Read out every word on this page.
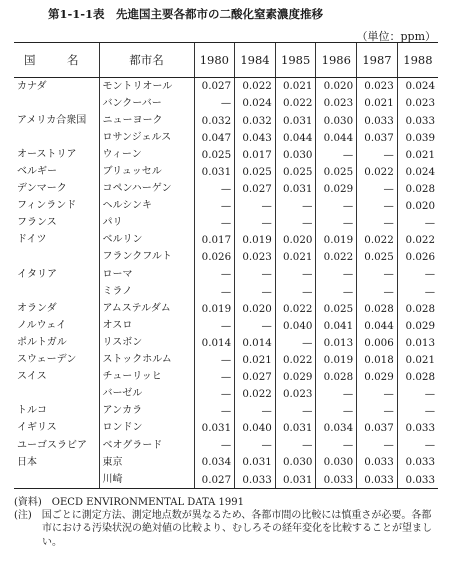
第1-1-1表　先進国主要各都市の二酸化窒素濃度推移
（単位：ppm）
国　名	都市名	1980	1984	1985	1986	1987	1988
カナダ	モントリオール	0.027	0.022	0.021	0.020	0.023	0.024
	バンクーバー	—	0.024	0.022	0.023	0.021	0.023
アメリカ合衆国	ニューヨーク	0.032	0.032	0.031	0.030	0.033	0.033
	ロサンジェルス	0.047	0.043	0.044	0.044	0.037	0.039
オーストリア	ウィーン	0.025	0.017	0.030	—	—	0.021
ベルギー	ブリュッセル	0.031	0.025	0.025	0.025	0.022	0.024
デンマーク	コペンハーゲン	—	0.027	0.031	0.029	—	0.028
フィンランド	ヘルシンキ	—	—	—	—	—	0.020
フランス	パリ	—	—	—	—	—	—
ドイツ	ベルリン	0.017	0.019	0.020	0.019	0.022	0.022
	フランクフルト	0.026	0.023	0.021	0.022	0.025	0.026
イタリア	ローマ	—	—	—	—	—	—
	ミラノ	—	—	—	—	—	—
オランダ	アムステルダム	0.019	0.020	0.022	0.025	0.028	0.028
ノルウェイ	オスロ	—	—	0.040	0.041	0.044	0.029
ポルトガル	リスボン	0.014	0.014	—	0.013	0.006	0.013
スウェーデン	ストックホルム	—	0.021	0.022	0.019	0.018	0.021
スイス	チューリッヒ	—	0.027	0.029	0.028	0.029	0.028
	バーゼル	—	0.022	0.023	—	—	—
トルコ	アンカラ	—	—	—	—	—	—
イギリス	ロンドン	0.031	0.040	0.031	0.034	0.037	0.033
ユーゴスラビア	ベオグラード	—	—	—	—	—	—
日本	東京	0.034	0.031	0.030	0.030	0.033	0.033
	川崎	0.027	0.033	0.031	0.033	0.033	0.033
(資料)　OECD ENVIRONMENTAL DATA 1991
(注)　国ごとに測定方法、測定地点数が異なるため、各都市間の比較には慎重さが必要。各都市における汚染状況の絶対値の比較より、むしろその経年変化を比較することが望ましい。
